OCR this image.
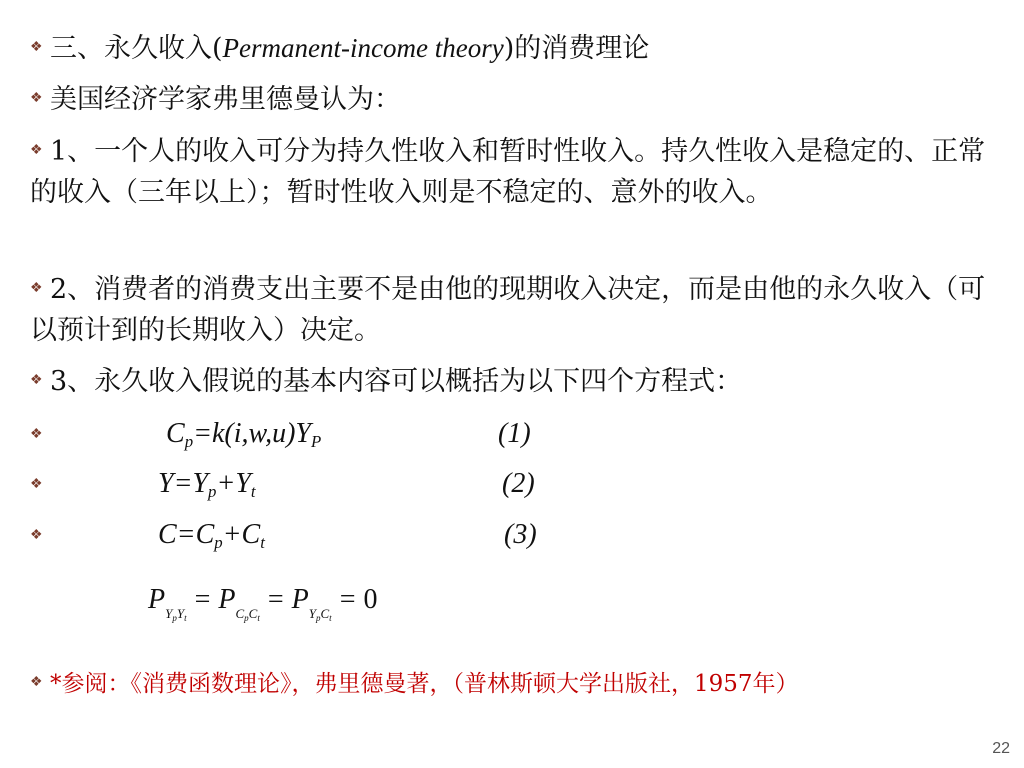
❖ 三、永久收入(Permanent-income theory)的消费理论
❖ 美国经济学家弗里德曼认为：
❖ 1、一个人的收入可分为持久性收入和暂时性收入。持久性收入是稳定的、正常的收入（三年以上）；暂时性收入则是不稳定的、意外的收入。
❖ 2、消费者的消费支出主要不是由他的现期收入决定，而是由他的永久收入（可以预计到的长期收入）决定。
❖ 3、永久收入假说的基本内容可以概括为以下四个方程式：
❖
❖
❖
$C_p=k(i,w,u)Y_P$	(1)
$Y=Y_p+Y_t$	(2)
$C=C_p+C_t$	(3)
$PY_pY_t= PC_pC_t= PY_pC_t= 0$
❖ *参阅：《消费函数理论》，弗里德曼著，（普林斯顿大学出版社，1957年）
22
